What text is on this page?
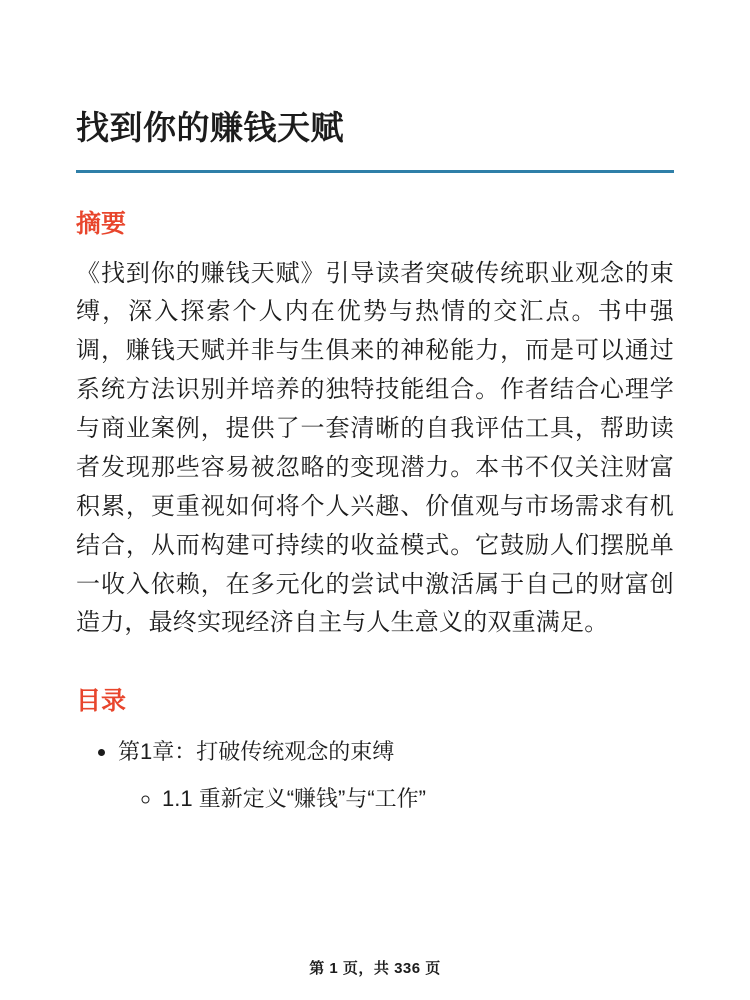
找到你的赚钱天赋
摘要

《找到你的赚钱天赋》引导读者突破传统职业观念的束缚，深入探索个人内在优势与热情的交汇点。书中强调，赚钱天赋并非与生俱来的神秘能力，而是可以通过系统方法识别并培养的独特技能组合。作者结合心理学与商业案例，提供了一套清晰的自我评估工具，帮助读者发现那些容易被忽略的变现潜力。本书不仅关注财富积累，更重视如何将个人兴趣、价值观与市场需求有机结合，从而构建可持续的收益模式。它鼓励人们摆脱单一收入依赖，在多元化的尝试中激活属于自己的财富创造力，最终实现经济自主与人生意义的双重满足。

目录
• 第1章：打破传统观念的束缚
◦ 1.1 重新定义“赚钱”与“工作”
第 1 页，共 336 页
